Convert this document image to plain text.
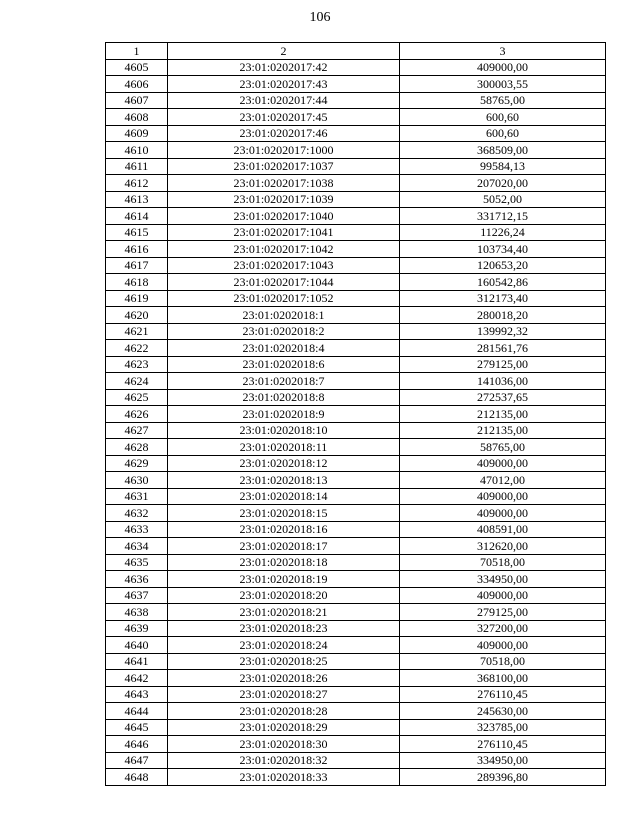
106
1	2	3
4605	23:01:0202017:42	409000,00
4606	23:01:0202017:43	300003,55
4607	23:01:0202017:44	58765,00
4608	23:01:0202017:45	600,60
4609	23:01:0202017:46	600,60
4610	23:01:0202017:1000	368509,00
4611	23:01:0202017:1037	99584,13
4612	23:01:0202017:1038	207020,00
4613	23:01:0202017:1039	5052,00
4614	23:01:0202017:1040	331712,15
4615	23:01:0202017:1041	11226,24
4616	23:01:0202017:1042	103734,40
4617	23:01:0202017:1043	120653,20
4618	23:01:0202017:1044	160542,86
4619	23:01:0202017:1052	312173,40
4620	23:01:0202018:1	280018,20
4621	23:01:0202018:2	139992,32
4622	23:01:0202018:4	281561,76
4623	23:01:0202018:6	279125,00
4624	23:01:0202018:7	141036,00
4625	23:01:0202018:8	272537,65
4626	23:01:0202018:9	212135,00
4627	23:01:0202018:10	212135,00
4628	23:01:0202018:11	58765,00
4629	23:01:0202018:12	409000,00
4630	23:01:0202018:13	47012,00
4631	23:01:0202018:14	409000,00
4632	23:01:0202018:15	409000,00
4633	23:01:0202018:16	408591,00
4634	23:01:0202018:17	312620,00
4635	23:01:0202018:18	70518,00
4636	23:01:0202018:19	334950,00
4637	23:01:0202018:20	409000,00
4638	23:01:0202018:21	279125,00
4639	23:01:0202018:23	327200,00
4640	23:01:0202018:24	409000,00
4641	23:01:0202018:25	70518,00
4642	23:01:0202018:26	368100,00
4643	23:01:0202018:27	276110,45
4644	23:01:0202018:28	245630,00
4645	23:01:0202018:29	323785,00
4646	23:01:0202018:30	276110,45
4647	23:01:0202018:32	334950,00
4648	23:01:0202018:33	289396,80
